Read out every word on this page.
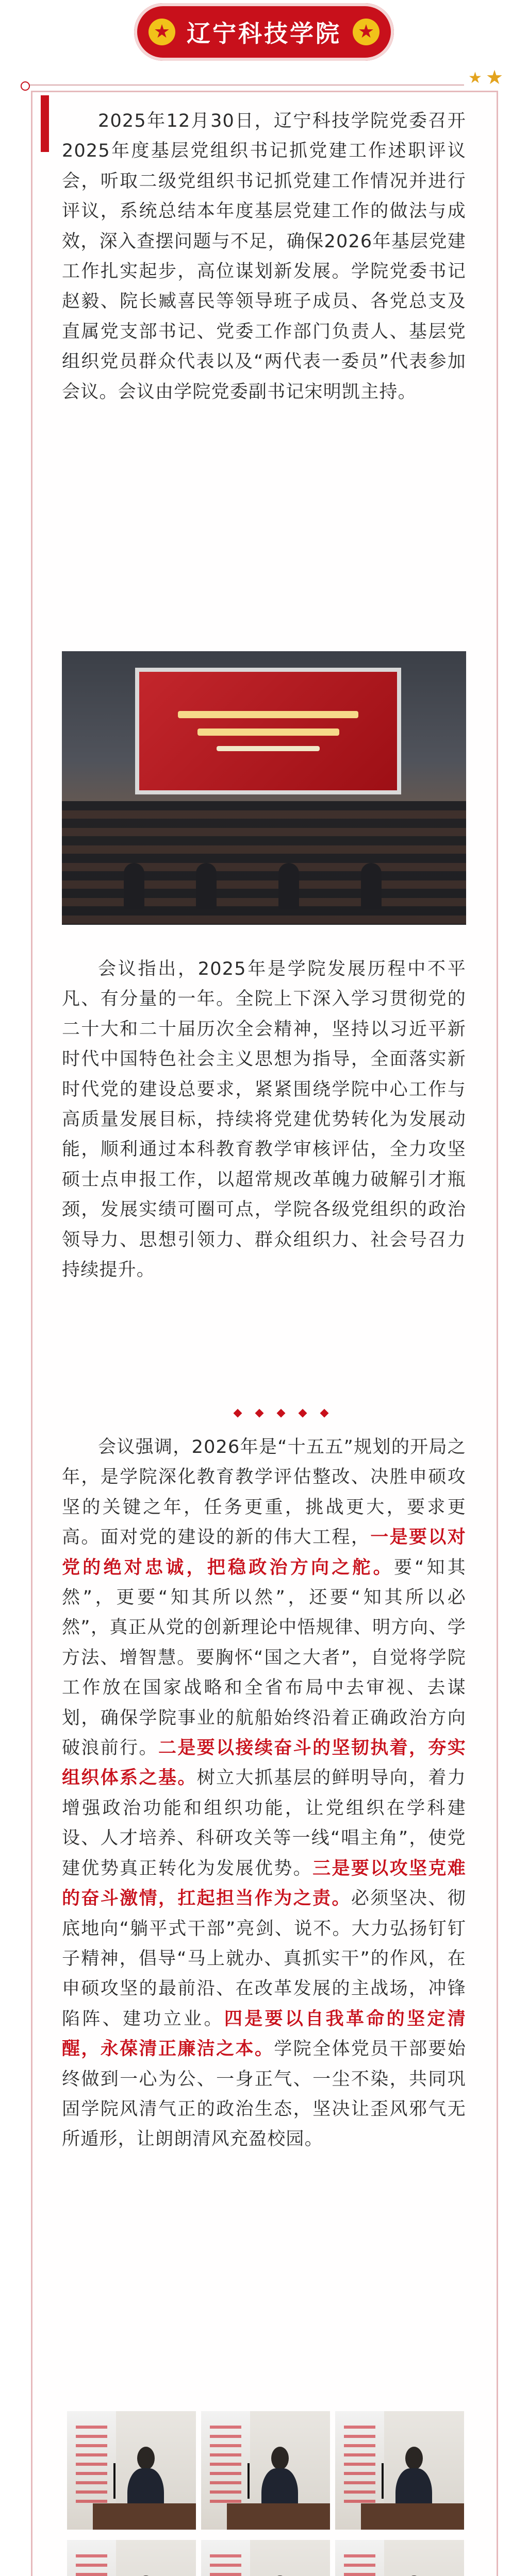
★ 辽宁科技学院 ★
★ ★

2025年12月30日，辽宁科技学院党委召开2025年度基层党组织书记抓党建工作述职评议会，听取二级党组织书记抓党建工作情况并进行评议，系统总结本年度基层党建工作的做法与成效，深入查摆问题与不足，确保2026年基层党建工作扎实起步，高位谋划新发展。学院党委书记赵毅、院长臧喜民等领导班子成员、各党总支及直属党支部书记、党委工作部门负责人、基层党组织党员群众代表以及“两代表一委员”代表参加会议。会议由学院党委副书记宋明凯主持。

会议指出，2025年是学院发展历程中不平凡、有分量的一年。全院上下深入学习贯彻党的二十大和二十届历次全会精神，坚持以习近平新时代中国特色社会主义思想为指导，全面落实新时代党的建设总要求，紧紧围绕学院中心工作与高质量发展目标，持续将党建优势转化为发展动能，顺利通过本科教育教学审核评估，全力攻坚硕士点申报工作，以超常规改革魄力破解引才瓶颈，发展实绩可圈可点，学院各级党组织的政治领导力、思想引领力、群众组织力、社会号召力持续提升。

会议强调，2026年是“十五五”规划的开局之年，是学院深化教育教学评估整改、决胜申硕攻坚的关键之年，任务更重，挑战更大，要求更高。面对党的建设的新的伟大工程，一是要以对党的绝对忠诚，把稳政治方向之舵。要“知其然”，更要“知其所以然”，还要“知其所以必然”，真正从党的创新理论中悟规律、明方向、学方法、增智慧。要胸怀“国之大者”，自觉将学院工作放在国家战略和全省布局中去审视、去谋划，确保学院事业的航船始终沿着正确政治方向破浪前行。二是要以接续奋斗的坚韧执着，夯实组织体系之基。树立大抓基层的鲜明导向，着力增强政治功能和组织功能，让党组织在学科建设、人才培养、科研攻关等一线“唱主角”，使党建优势真正转化为发展优势。三是要以攻坚克难的奋斗激情，扛起担当作为之责。必须坚决、彻底地向“躺平式干部”亮剑、说不。大力弘扬钉钉子精神，倡导“马上就办、真抓实干”的作风，在申硕攻坚的最前沿、在改革发展的主战场，冲锋陷阵、建功立业。四是要以自我革命的坚定清醒，永葆清正廉洁之本。学院全体党员干部要始终做到一心为公、一身正气、一尘不染，共同巩固学院风清气正的政治生态，坚决让歪风邪气无所遁形，让朗朗清风充盈校园。
